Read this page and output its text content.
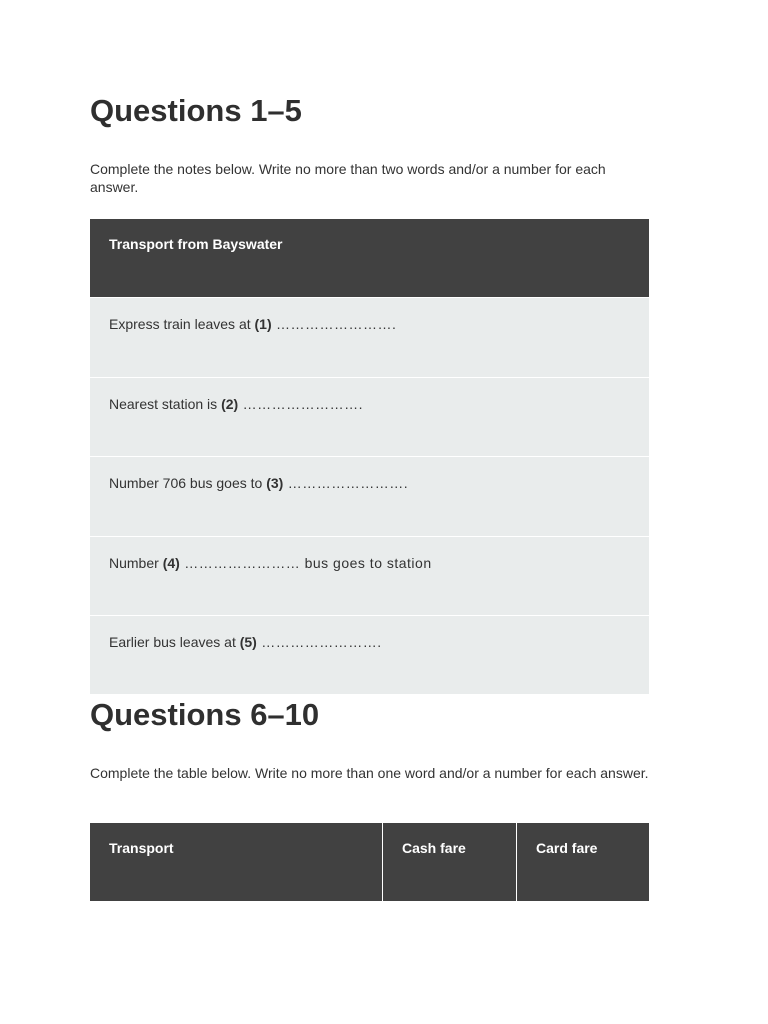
Questions 1–5

Complete the notes below. Write no more than two words and/or a number for each answer.

Transport from Bayswater
Express train leaves at (1) …………………….
Nearest station is (2) …………………….
Number 706 bus goes to (3) …………………….
Number (4) …………………… bus goes to station
Earlier bus leaves at (5) …………………….
Questions 6–10

Complete the table below. Write no more than one word and/or a number for each answer.

Transport	Cash fare	Card fare
